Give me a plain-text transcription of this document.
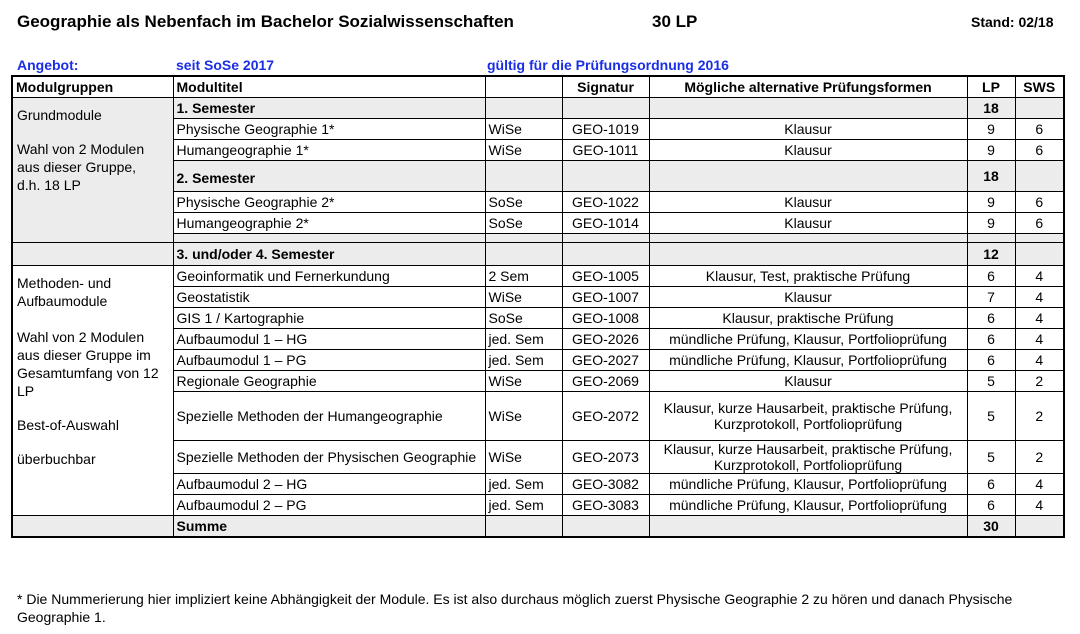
Geographie als Nebenfach im Bachelor Sozialwissenschaften	30 LP	Stand: 02/18
Angebot:	seit SoSe 2017	gültig für die Prüfungsordnung 2016
Modulgruppen	Modultitel		Signatur	Mögliche alternative Prüfungsformen	LP	SWS

Grundmodule
Wahl von 2 Modulen aus dieser Gruppe, d.h. 18 LP	1. Semester				18	
	Physische Geographie 1*	WiSe	GEO-1019	Klausur	9	6
	Humangeographie 1*	WiSe	GEO-1011	Klausur	9	6
	2. Semester				18	
	Physische Geographie 2*	SoSe	GEO-1022	Klausur	9	6
	Humangeographie 2*	SoSe	GEO-1014	Klausur	9	6

	3. und/oder 4. Semester				12	

Methoden- und Aufbaumodule
Wahl von 2 Modulen aus dieser Gruppe im Gesamtumfang von 12 LP
Best-of-Auswahl
überbuchbar	Geoinformatik und Fernerkundung	2 Sem	GEO-1005	Klausur, Test, praktische Prüfung	6	4
	Geostatistik	WiSe	GEO-1007	Klausur	7	4
	GIS 1 / Kartographie	SoSe	GEO-1008	Klausur, praktische Prüfung	6	4
	Aufbaumodul 1 – HG	jed. Sem	GEO-2026	mündliche Prüfung, Klausur, Portfolioprüfung	6	4
	Aufbaumodul 1 – PG	jed. Sem	GEO-2027	mündliche Prüfung, Klausur, Portfolioprüfung	6	4
	Regionale Geographie	WiSe	GEO-2069	Klausur	5	2
	Spezielle Methoden der Humangeographie	WiSe	GEO-2072	Klausur, kurze Hausarbeit, praktische Prüfung, Kurzprotokoll, Portfolioprüfung	5	2
	Spezielle Methoden der Physischen Geographie	WiSe	GEO-2073	Klausur, kurze Hausarbeit, praktische Prüfung, Kurzprotokoll, Portfolioprüfung	5	2
	Aufbaumodul 2 – HG	jed. Sem	GEO-3082	mündliche Prüfung, Klausur, Portfolioprüfung	6	4
	Aufbaumodul 2 – PG	jed. Sem	GEO-3083	mündliche Prüfung, Klausur, Portfolioprüfung	6	4
	Summe				30	
* Die Nummerierung hier impliziert keine Abhängigkeit der Module. Es ist also durchaus möglich zuerst Physische Geographie 2 zu hören und danach Physische Geographie 1.
